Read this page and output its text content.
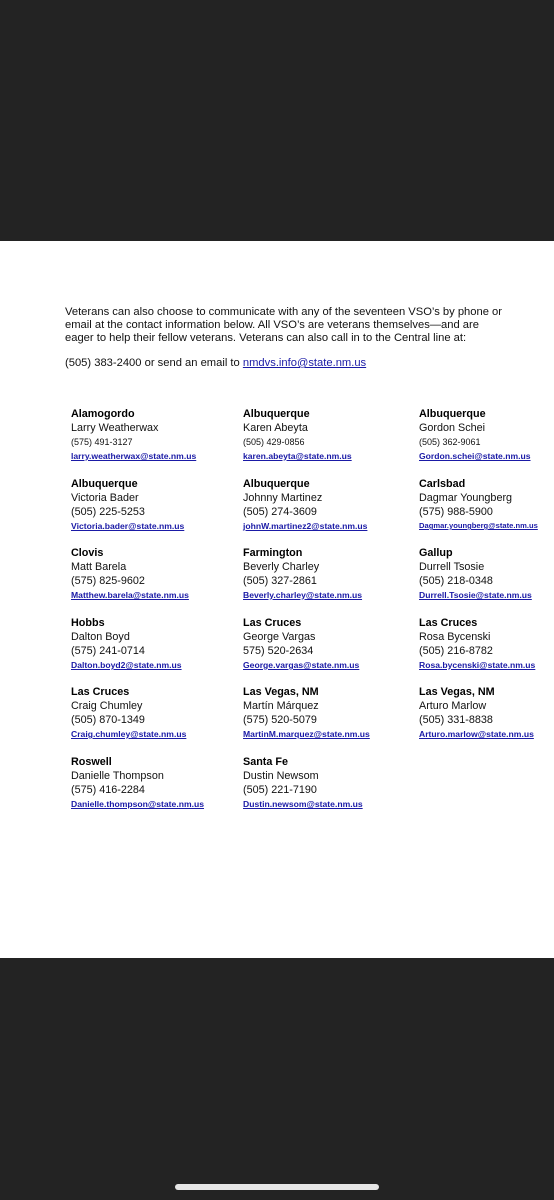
Veterans can also choose to communicate with any of the seventeen VSO’s by phone or email at the contact information below. All VSO’s are veterans themselves—and are eager to help their fellow veterans. Veterans can also call in to the Central line at:

(505) 383-2400 or send an email to nmdvs.info@state.nm.us
Alamogordo
Larry Weatherwax
(575) 491-3127
larry.weatherwax@state.nm.us
Albuquerque
Karen Abeyta
(505) 429-0856
karen.abeyta@state.nm.us
Albuquerque
Gordon Schei
(505) 362-9061
Gordon.schei@state.nm.us
Albuquerque
Victoria Bader
(505) 225-5253
Victoria.bader@state.nm.us
Albuquerque
Johnny Martinez
(505) 274-3609
johnW.martinez2@state.nm.us
Carlsbad
Dagmar Youngberg
(575) 988-5900
Dagmar.youngberg@state.nm.us
Clovis
Matt Barela
(575) 825-9602
Matthew.barela@state.nm.us
Farmington
Beverly Charley
(505) 327-2861
Beverly.charley@state.nm.us
Gallup
Durrell Tsosie
(505) 218-0348
Durrell.Tsosie@state.nm.us
Hobbs
Dalton Boyd
(575) 241-0714
Dalton.boyd2@state.nm.us
Las Cruces
George Vargas
575) 520-2634
George.vargas@state.nm.us
Las Cruces
Rosa Bycenski
(505) 216-8782
Rosa.bycenski@state.nm.us
Las Cruces
Craig Chumley
(505) 870-1349
Craig.chumley@state.nm.us
Las Vegas, NM
Martín Márquez
(575) 520-5079
MartinM.marquez@state.nm.us
Las Vegas, NM
Arturo Marlow
(505) 331-8838
Arturo.marlow@state.nm.us
Roswell
Danielle Thompson
(575) 416-2284
Danielle.thompson@state.nm.us
Santa Fe
Dustin Newsom
(505) 221-7190
Dustin.newsom@state.nm.us
